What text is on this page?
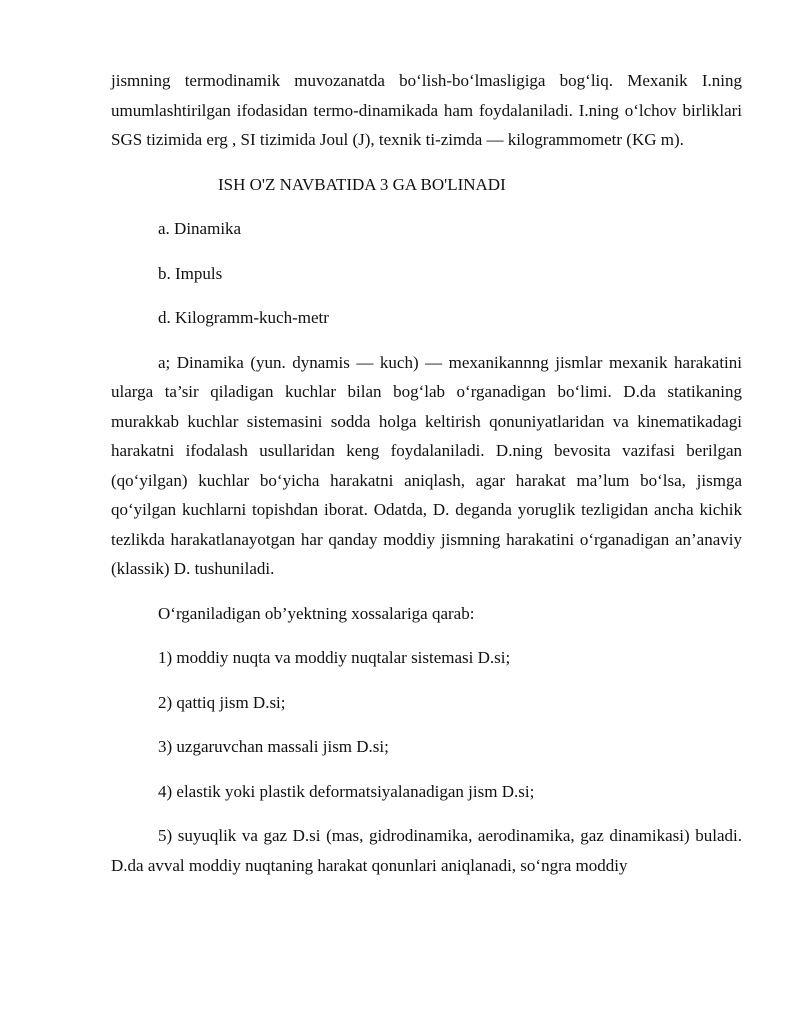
jismning termodinamik muvozanatda bo‘lish-bo‘lmasligiga bog‘liq. Mexanik I.ning umumlashtirilgan ifodasidan termo-dinamikada ham foydalaniladi. I.ning o‘lchov birliklari SGS tizimida erg , SI tizimida Joul (J), texnik ti-zimda — kilogrammometr (KG m).

ISH O'Z NAVBATIDA 3 GA BO'LINADI

a. Dinamika

b. Impuls

d. Kilogramm-kuch-metr

a; Dinamika (yun. dynamis — kuch) — mexanikannng jismlar mexanik harakatini ularga ta’sir qiladigan kuchlar bilan bog‘lab o‘rganadigan bo‘limi. D.da statikaning murakkab kuchlar sistemasini sodda holga keltirish qonuniyatlaridan va kinematikadagi harakatni ifodalash usullaridan keng foydalaniladi. D.ning bevosita vazifasi berilgan (qo‘yilgan) kuchlar bo‘yicha harakatni aniqlash, agar harakat ma’lum bo‘lsa, jismga qo‘yilgan kuchlarni topishdan iborat. Odatda, D. deganda yoruglik tezligidan ancha kichik tezlikda harakatlanayotgan har qanday moddiy jismning harakatini o‘rganadigan an’anaviy (klassik) D. tushuniladi.

O‘rganiladigan ob’yektning xossalariga qarab:

1) moddiy nuqta va moddiy nuqtalar sistemasi D.si;

2) qattiq jism D.si;

3) uzgaruvchan massali jism D.si;

4) elastik yoki plastik deformatsiyalanadigan jism D.si;

5) suyuqlik va gaz D.si (mas, gidrodinamika, aerodinamika, gaz dinamikasi) buladi. D.da avval moddiy nuqtaning harakat qonunlari aniqlanadi, so‘ngra moddiy
